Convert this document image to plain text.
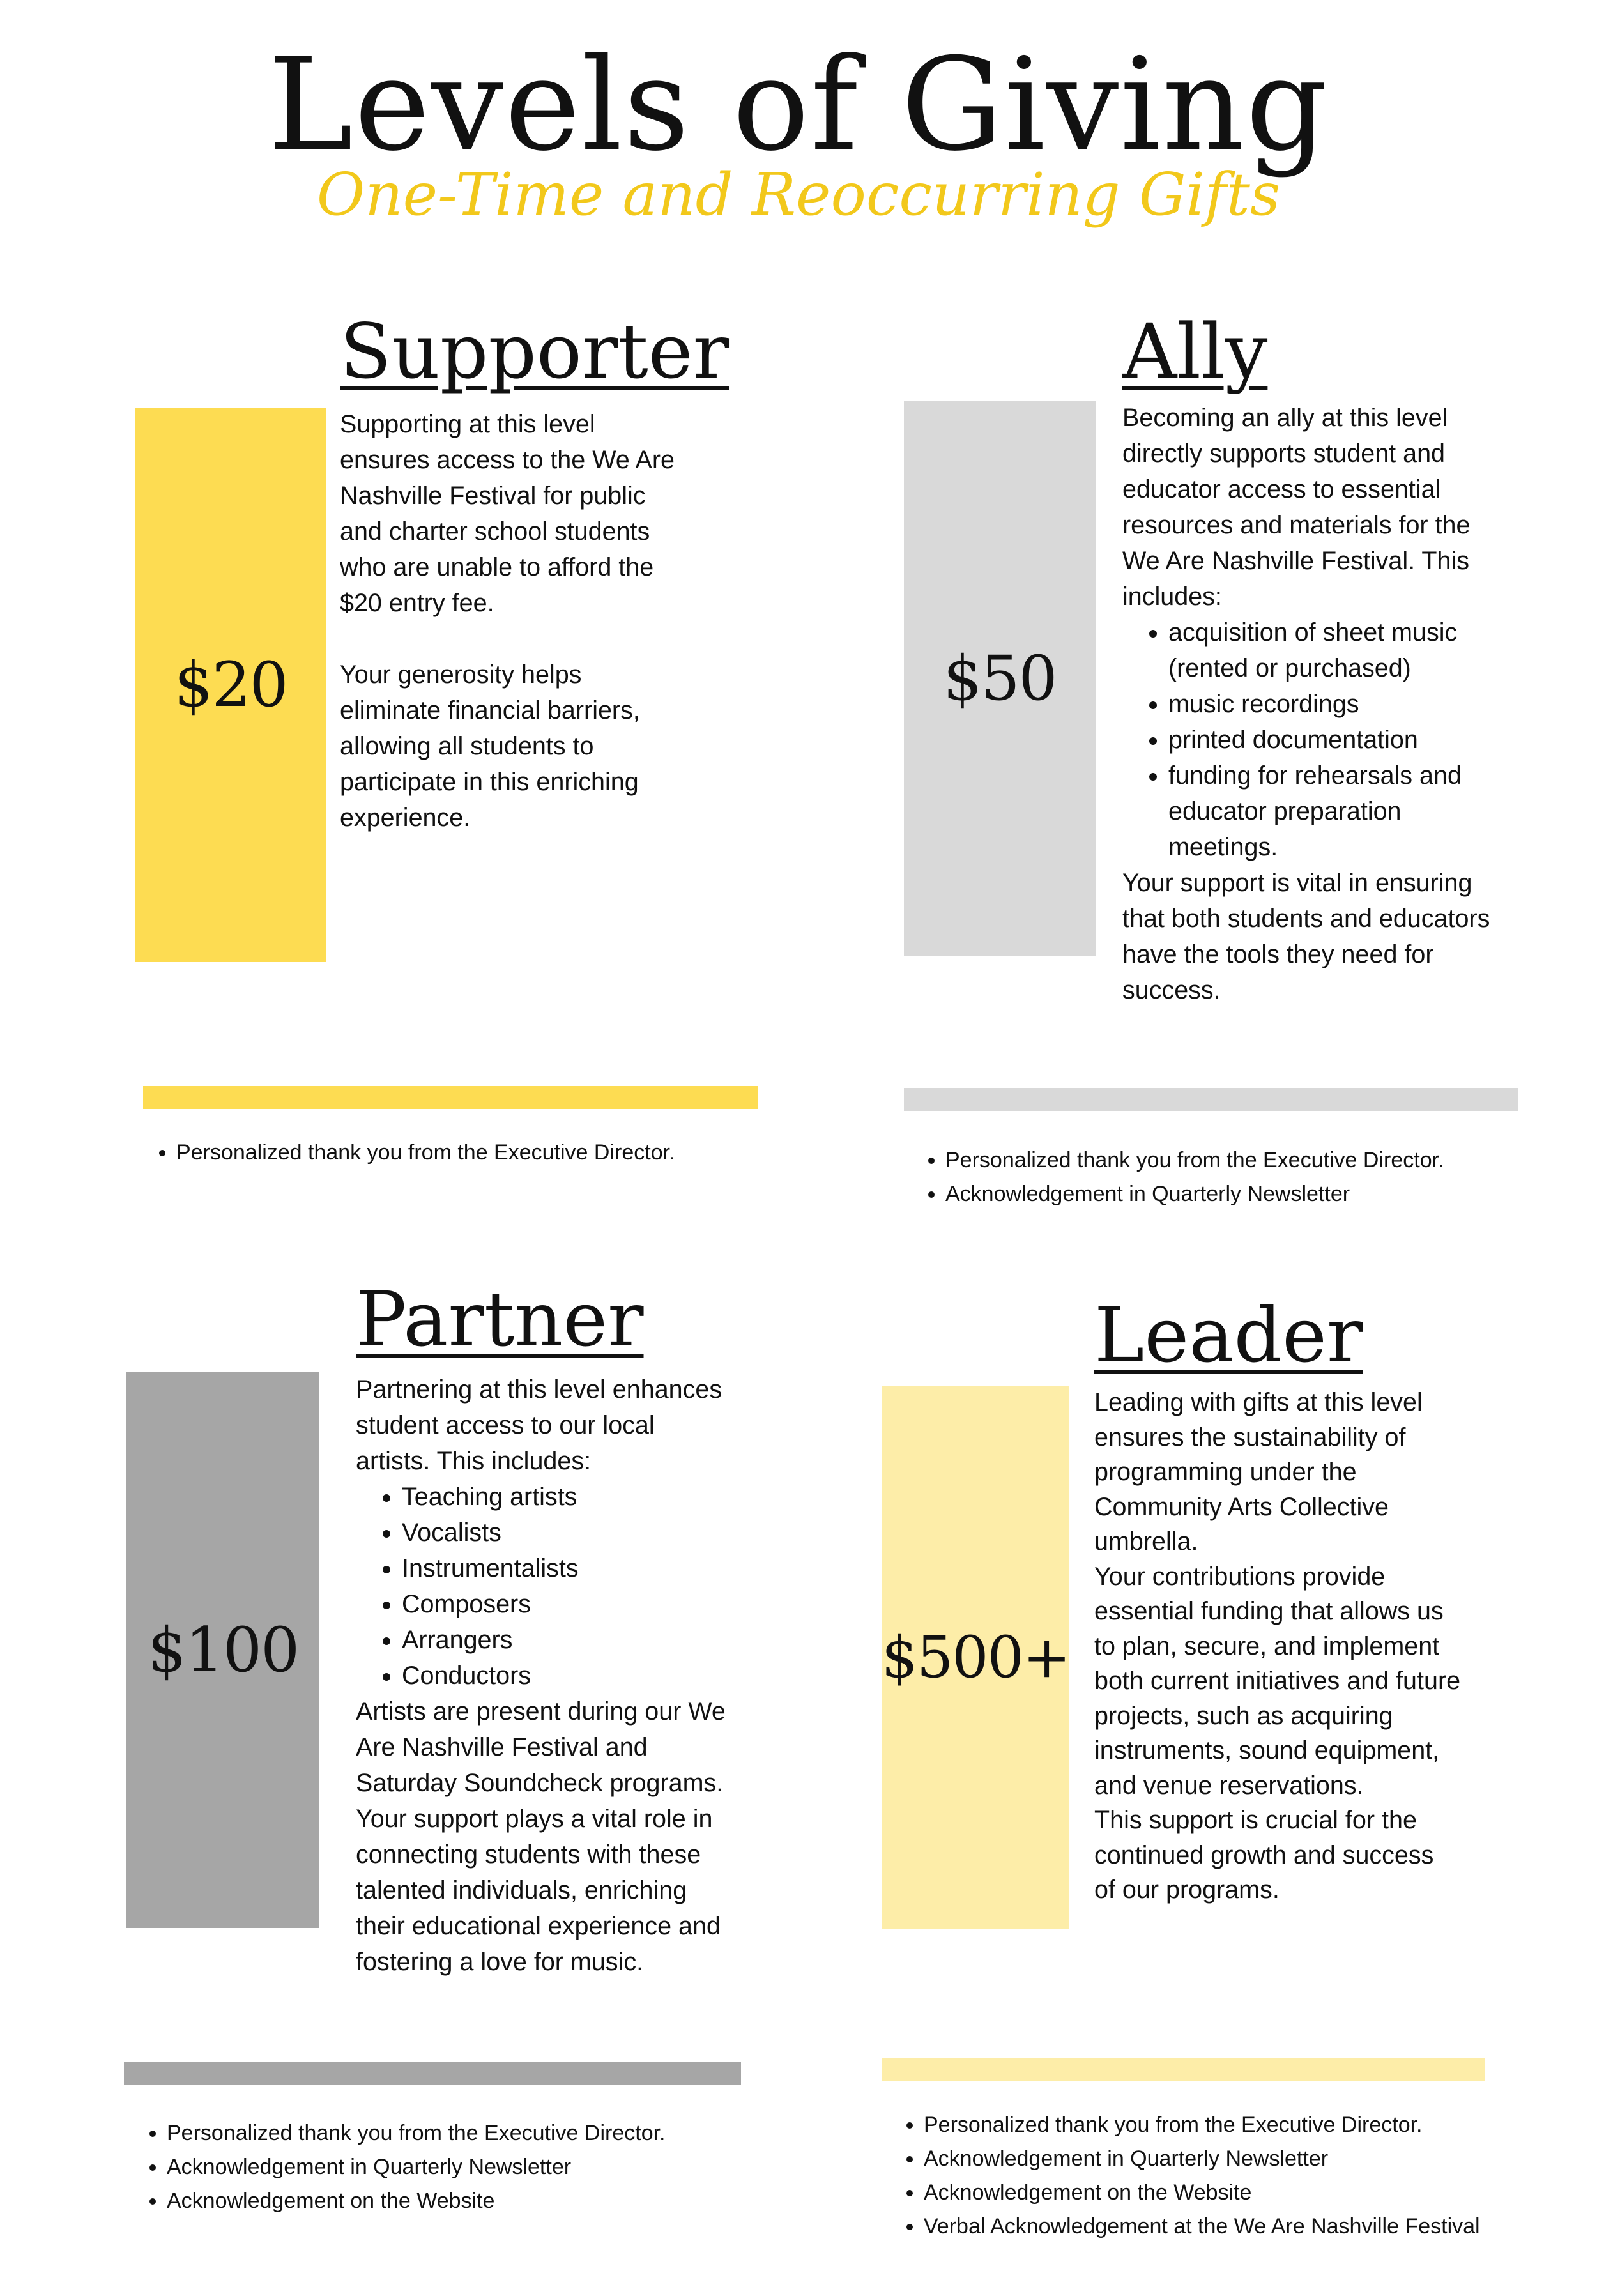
Levels of Giving
One-Time and Reoccurring Gifts
Supporter
$20

Supporting at this level ensures access to the We Are Nashville Festival for public and charter school students who are unable to afford the $20 entry fee.

Your generosity helps eliminate financial barriers, allowing all students to participate in this enriching experience.

• Personalized thank you from the Executive Director.
Ally
$50

Becoming an ally at this level directly supports student and educator access to essential resources and materials for the We Are Nashville Festival. This includes:

• acquisition of sheet music (rented or purchased)
• music recordings
• printed documentation
• funding for rehearsals and educator preparation meetings.

Your support is vital in ensuring that both students and educators have the tools they need for success.

• Personalized thank you from the Executive Director.
• Acknowledgement in Quarterly Newsletter
Partner
$100

Partnering at this level enhances student access to our local artists. This includes:

• Teaching artists
• Vocalists
• Instrumentalists
• Composers
• Arrangers
• Conductors

Artists are present during our We Are Nashville Festival and Saturday Soundcheck programs. Your support plays a vital role in connecting students with these talented individuals, enriching their educational experience and fostering a love for music.

• Personalized thank you from the Executive Director.
• Acknowledgement in Quarterly Newsletter
• Acknowledgement on the Website
Leader
$500+

Leading with gifts at this level ensures the sustainability of programming under the Community Arts Collective umbrella.

Your contributions provide essential funding that allows us to plan, secure, and implement both current initiatives and future projects, such as acquiring instruments, sound equipment, and venue reservations.

This support is crucial for the continued growth and success of our programs.

• Personalized thank you from the Executive Director.
• Acknowledgement in Quarterly Newsletter
• Acknowledgement on the Website
• Verbal Acknowledgement at the We Are Nashville Festival
